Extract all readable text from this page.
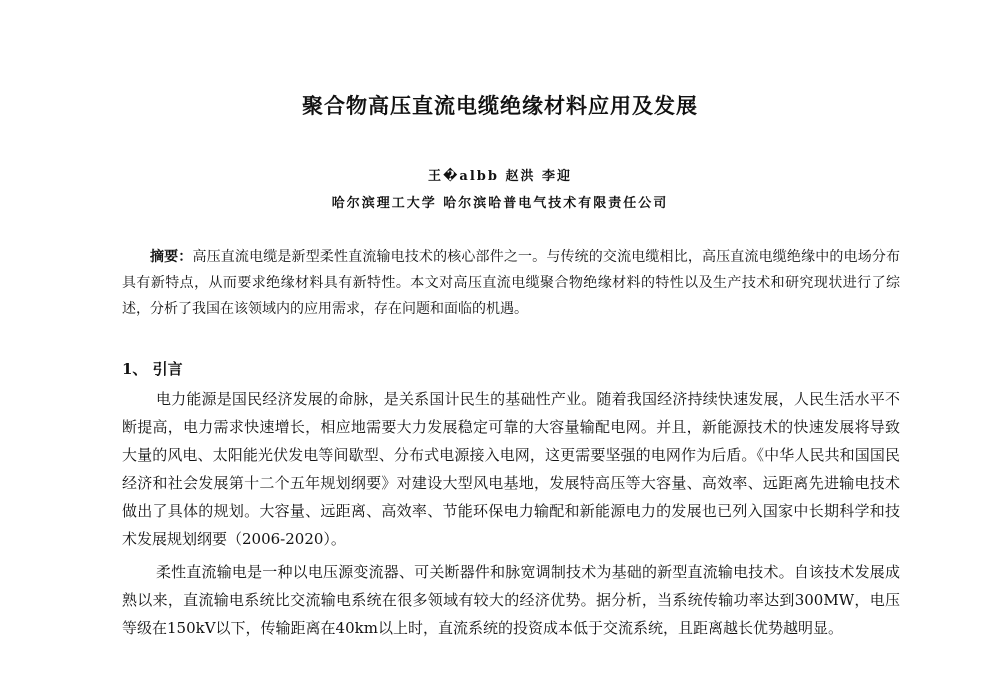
聚合物高压直流电缆绝缘材料应用及发展
王�albb 赵洪 李迎
哈尔滨理工大学 哈尔滨哈普电气技术有限责任公司

摘要：高压直流电缆是新型柔性直流输电技术的核心部件之一。与传统的交流电缆相比，高压直流电缆绝缘中的电场分布具有新特点，从而要求绝缘材料具有新特性。本文对高压直流电缆聚合物绝缘材料的特性以及生产技术和研究现状进行了综述，分析了我国在该领域内的应用需求，存在问题和面临的机遇。

1、 引言

电力能源是国民经济发展的命脉，是关系国计民生的基础性产业。随着我国经济持续快速发展，人民生活水平不断提高，电力需求快速增长，相应地需要大力发展稳定可靠的大容量输配电网。并且，新能源技术的快速发展将导致大量的风电、太阳能光伏发电等间歇型、分布式电源接入电网，这更需要坚强的电网作为后盾。《中华人民共和国国民经济和社会发展第十二个五年规划纲要》对建设大型风电基地，发展特高压等大容量、高效率、远距离先进输电技术做出了具体的规划。大容量、远距离、高效率、节能环保电力输配和新能源电力的发展也已列入国家中长期科学和技术发展规划纲要（2006-2020）。

柔性直流输电是一种以电压源变流器、可关断器件和脉宽调制技术为基础的新型直流输电技术。自该技术发展成熟以来，直流输电系统比交流输电系统在很多领域有较大的经济优势。据分析，当系统传输功率达到300MW，电压等级在150kV以下，传输距离在40km以上时，直流系统的投资成本低于交流系统，且距离越长优势越明显。
